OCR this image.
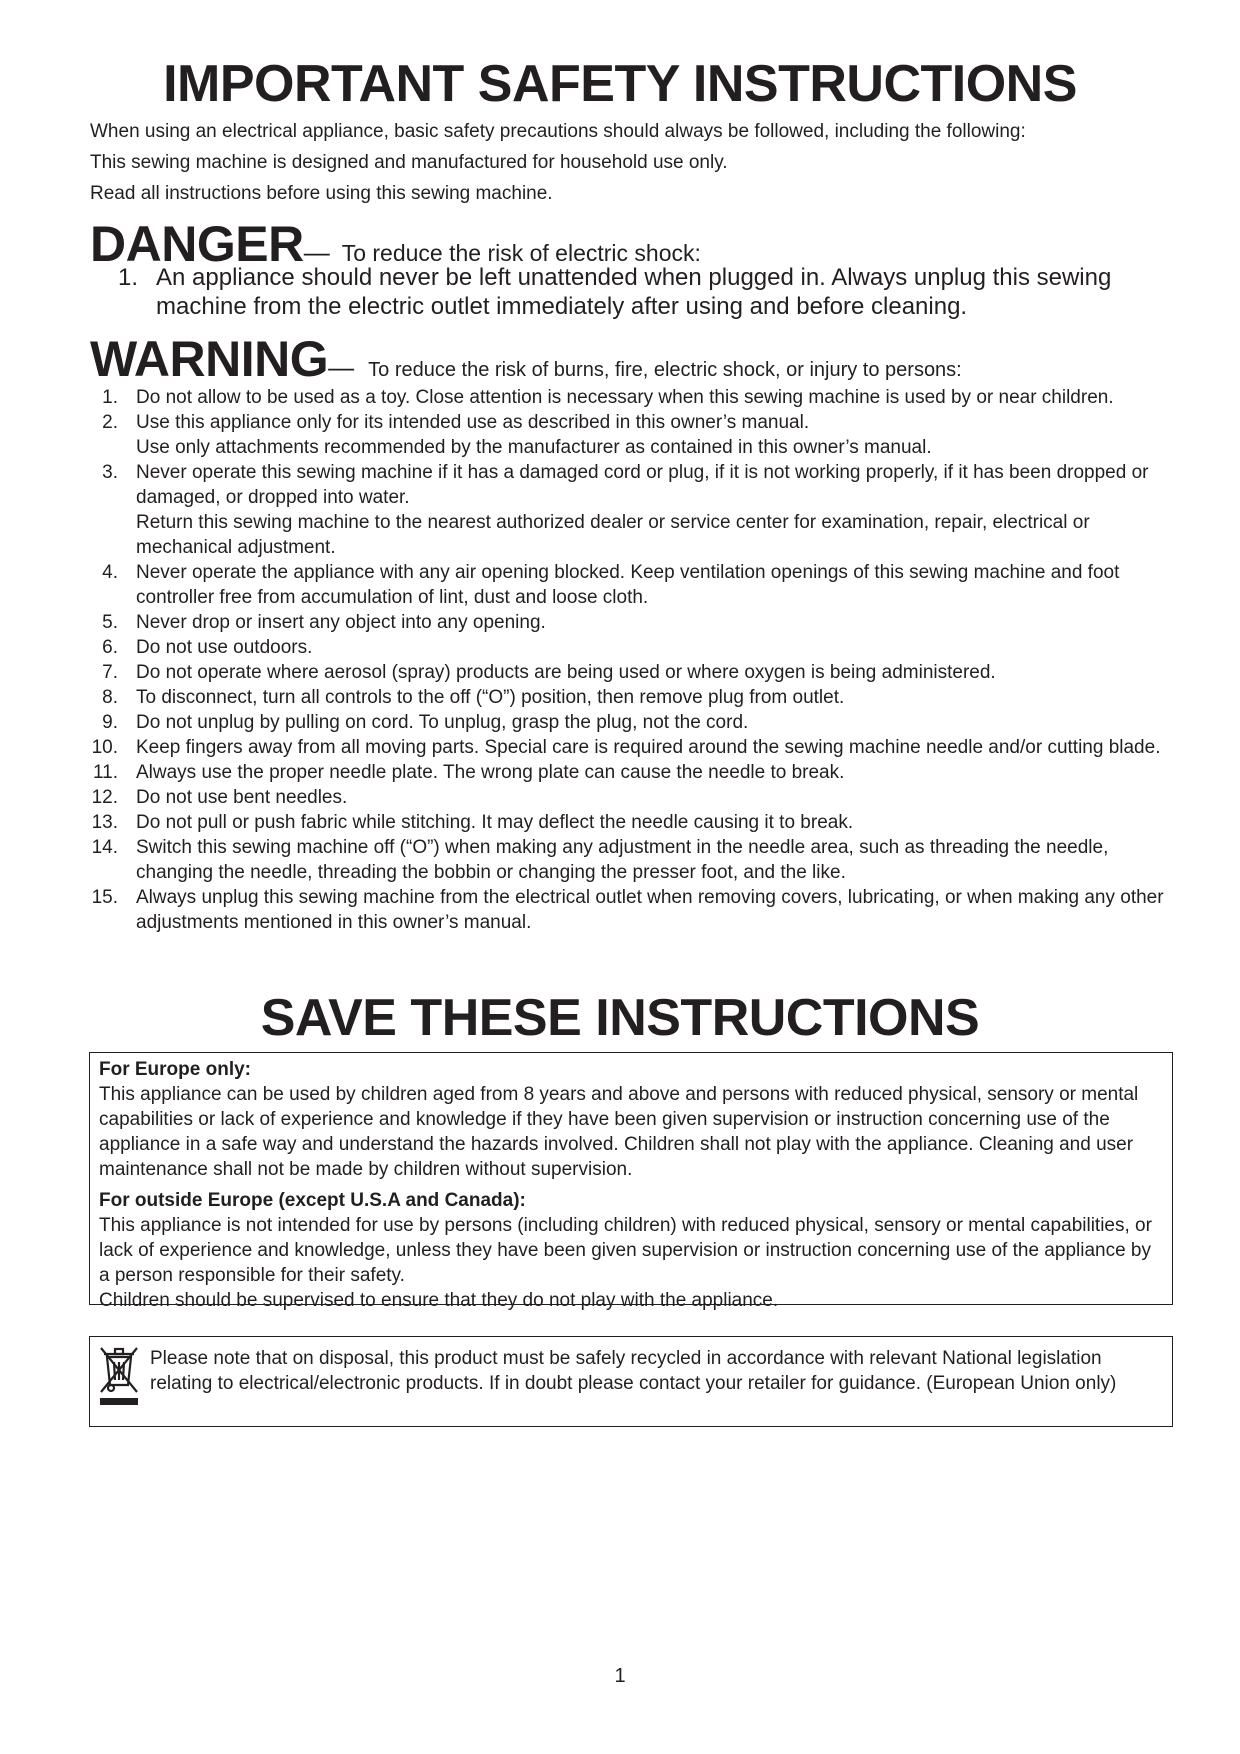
IMPORTANT SAFETY INSTRUCTIONS
When using an electrical appliance, basic safety precautions should always be followed, including the following:
This sewing machine is designed and manufactured for household use only.
Read all instructions before using this sewing machine.
DANGER— To reduce the risk of electric shock:
1. An appliance should never be left unattended when plugged in. Always unplug this sewing machine from the electric outlet immediately after using and before cleaning.
WARNING— To reduce the risk of burns, fire, electric shock, or injury to persons:
1. Do not allow to be used as a toy. Close attention is necessary when this sewing machine is used by or near children.
2. Use this appliance only for its intended use as described in this owner’s manual.
Use only attachments recommended by the manufacturer as contained in this owner’s manual.
3. Never operate this sewing machine if it has a damaged cord or plug, if it is not working properly, if it has been dropped or damaged, or dropped into water.
Return this sewing machine to the nearest authorized dealer or service center for examination, repair, electrical or mechanical adjustment.
4. Never operate the appliance with any air opening blocked. Keep ventilation openings of this sewing machine and foot controller free from accumulation of lint, dust and loose cloth.
5. Never drop or insert any object into any opening.
6. Do not use outdoors.
7. Do not operate where aerosol (spray) products are being used or where oxygen is being administered.
8. To disconnect, turn all controls to the off (“O”) position, then remove plug from outlet.
9. Do not unplug by pulling on cord. To unplug, grasp the plug, not the cord.
10. Keep fingers away from all moving parts. Special care is required around the sewing machine needle and/or cutting blade.
11. Always use the proper needle plate. The wrong plate can cause the needle to break.
12. Do not use bent needles.
13. Do not pull or push fabric while stitching. It may deflect the needle causing it to break.
14. Switch this sewing machine off (“O”) when making any adjustment in the needle area, such as threading the needle, changing the needle, threading the bobbin or changing the presser foot, and the like.
15. Always unplug this sewing machine from the electrical outlet when removing covers, lubricating, or when making any other adjustments mentioned in this owner’s manual.
SAVE THESE INSTRUCTIONS
For Europe only:
This appliance can be used by children aged from 8 years and above and persons with reduced physical, sensory or mental capabilities or lack of experience and knowledge if they have been given supervision or instruction concerning use of the appliance in a safe way and understand the hazards involved. Children shall not play with the appliance. Cleaning and user maintenance shall not be made by children without supervision.
For outside Europe (except U.S.A and Canada):
This appliance is not intended for use by persons (including children) with reduced physical, sensory or mental capabilities, or lack of experience and knowledge, unless they have been given supervision or instruction concerning use of the appliance by a person responsible for their safety.
Children should be supervised to ensure that they do not play with the appliance.
Please note that on disposal, this product must be safely recycled in accordance with relevant National legislation relating to electrical/electronic products. If in doubt please contact your retailer for guidance. (European Union only)
1
